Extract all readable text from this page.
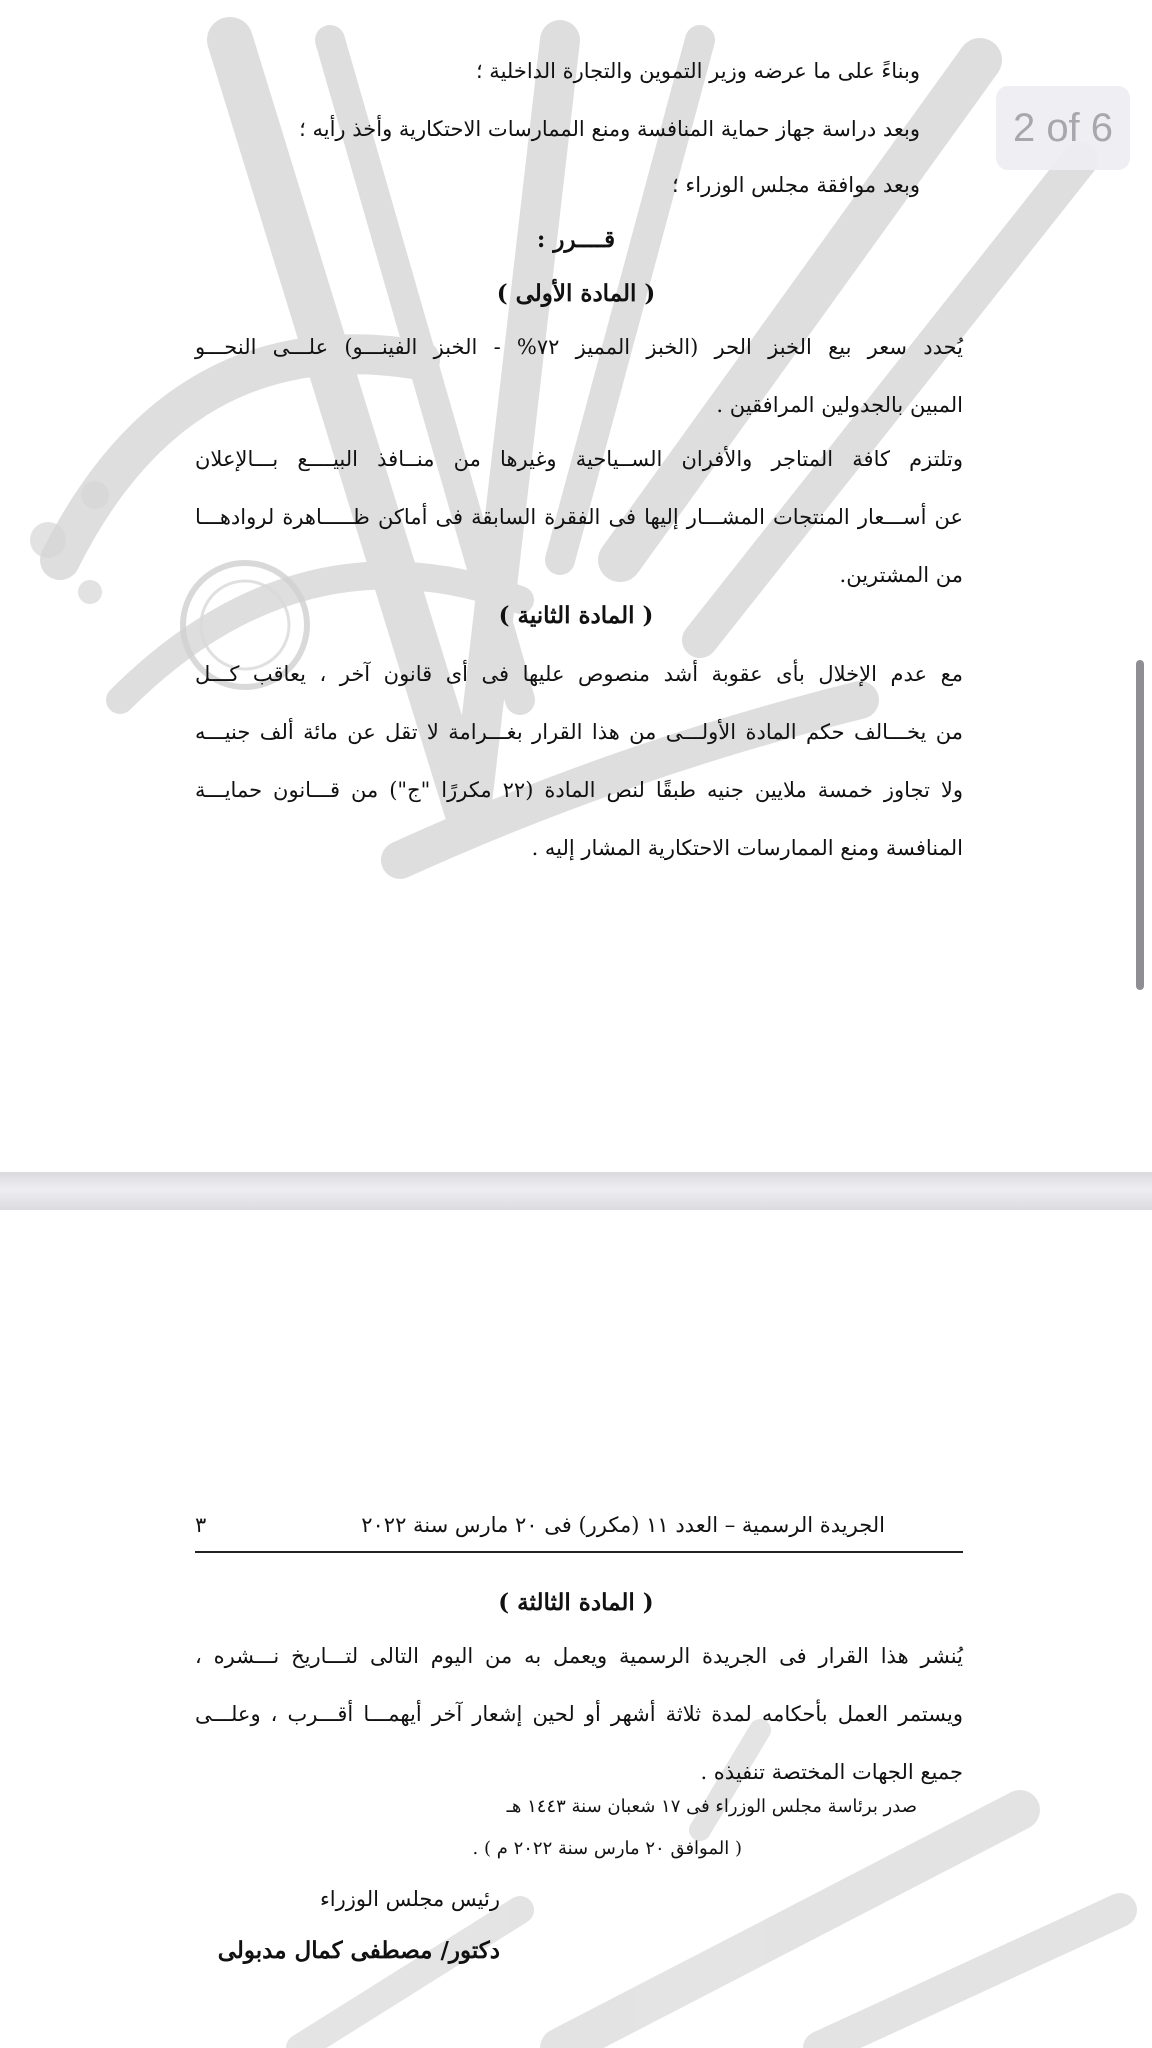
وبناءً على ما عرضه وزير التموين والتجارة الداخلية ؛
وبعد دراسة جهاز حماية المنافسة ومنع الممارسات الاحتكارية وأخذ رأيه ؛
وبعد موافقة مجلس الوزراء ؛
قــــرر :
( المادة الأولى )
يُحدد سعر بيع الخبز الحر (الخبز المميز ٧٢% - الخبز الفينـــو) علـــى النحـــو
المبين بالجدولين المرافقين .
وتلتزم كافة المتاجر والأفران الســياحية وغيرها من منــافذ البيــــع بـــالإعلان
عن أســـعار المنتجات المشـــار إليها فى الفقرة السابقة فى أماكن ظـــــاهرة لروادهـــا
من المشترين.
( المادة الثانية )
مع عدم الإخلال بأى عقوبة أشد منصوص عليها فى أى قانون آخر ، يعاقب كـــل
من يخـــالف حكم المادة الأولـــى من هذا القرار بغـــرامة لا تقل عن مائة ألف جنيـــه
ولا تجاوز خمسة ملايين جنيه طبقًا لنص المادة (٢٢ مكررًا "ج") من قـــانون حمايـــة
المنافسة ومنع الممارسات الاحتكارية المشار إليه .
الجريدة الرسمية – العدد ١١ (مكرر) فى ٢٠ مارس سنة ٢٠٢٢
٣
( المادة الثالثة )
يُنشر هذا القرار فى الجريدة الرسمية ويعمل به من اليوم التالى لتـــاريخ نـــشره ،
ويستمر العمل بأحكامه لمدة ثلاثة أشهر أو لحين إشعار آخر أيهمـــا أقـــرب ، وعلـــى
جميع الجهات المختصة تنفيذه .
صدر برئاسة مجلس الوزراء فى ١٧ شعبان سنة ١٤٤٣ هـ
( الموافق ٢٠ مارس سنة ٢٠٢٢ م ) .
رئيس مجلس الوزراء
دكتور/ مصطفى كمال مدبولى
2 of 6
